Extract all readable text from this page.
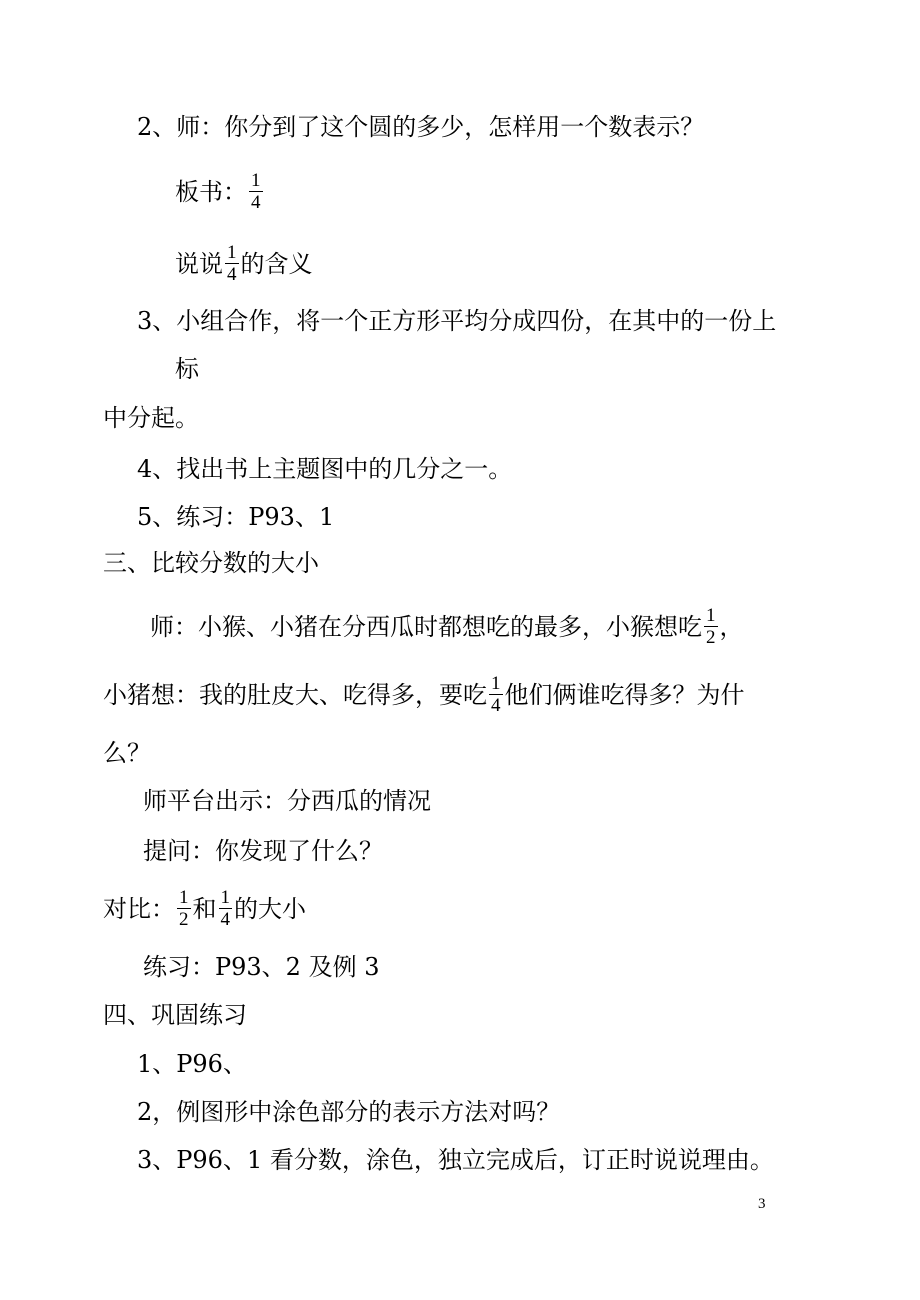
2、师：你分到了这个圆的多少，怎样用一个数表示？
板书： $\frac{1}{4}$
说说 $\frac{1}{4}$ 的含义
3、小组合作，将一个正方形平均分成四份，在其中的一份上
标
中分起。
4、找出书上主题图中的几分之一。
5、练习：P93、1
三、比较分数的大小
师：小猴、小猪在分西瓜时都想吃的最多，小猴想吃 $\frac{1}{2}$ ，
小猪想：我的肚皮大、吃得多，要吃 $\frac{1}{4}$ 他们俩谁吃得多？为什
么？
师平台出示：分西瓜的情况
提问：你发现了什么？
对比： $\frac{1}{2}$ 和 $\frac{1}{4}$ 的大小
练习：P93、2 及例 3
四、巩固练习
1、P96、
2，例图形中涂色部分的表示方法对吗？
3、P96、1 看分数，涂色，独立完成后，订正时说说理由。
3
